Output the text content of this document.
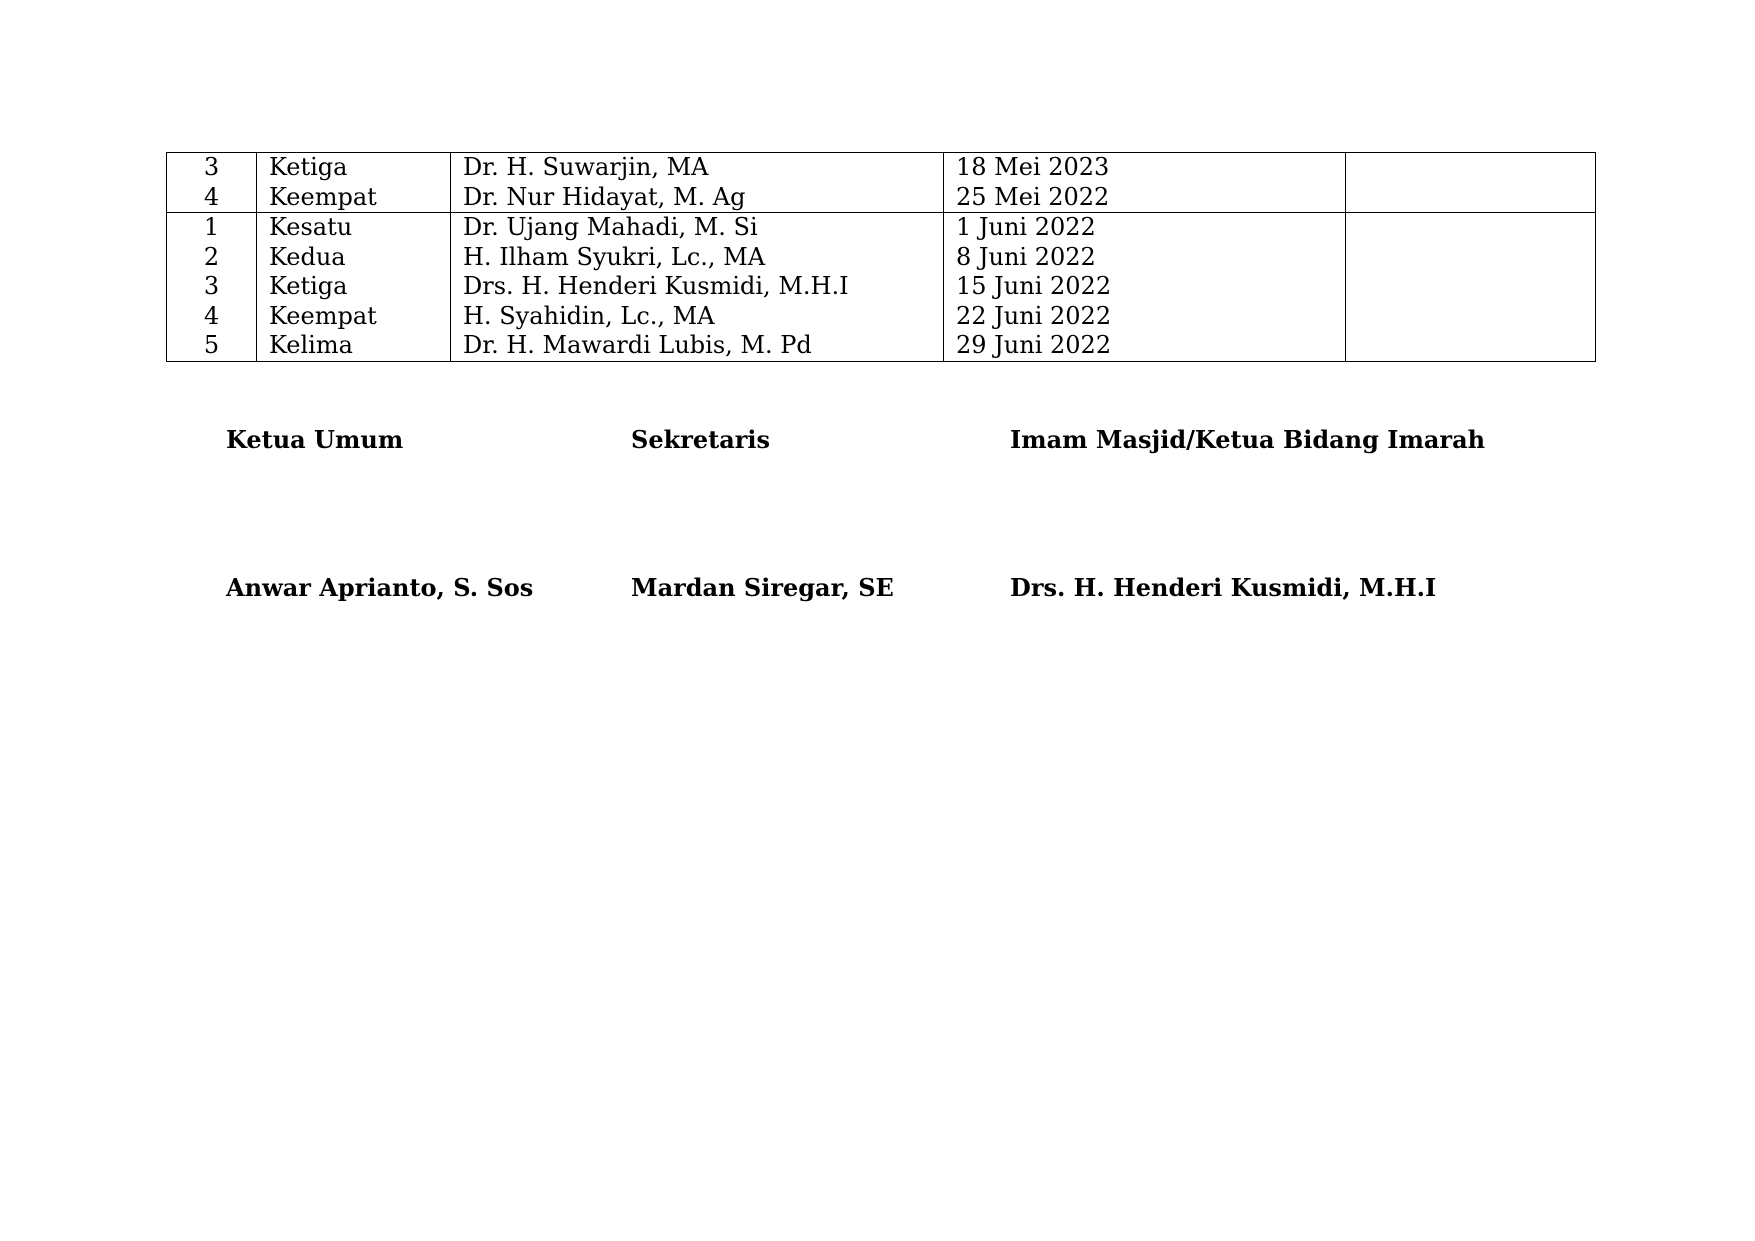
3	Ketiga	Dr. H. Suwarjin, MA	18 Mei 2023	
4	Keempat	Dr. Nur Hidayat, M. Ag	25 Mei 2022	
1	Kesatu	Dr. Ujang Mahadi, M. Si	1 Juni 2022	
2	Kedua	H. Ilham Syukri, Lc., MA	8 Juni 2022	
3	Ketiga	Drs. H. Henderi Kusmidi, M.H.I	15 Juni 2022	
4	Keempat	H. Syahidin, Lc., MA	22 Juni 2022	
5	Kelima	Dr. H. Mawardi Lubis, M. Pd	29 Juni 2022	
Ketua Umum
Anwar Aprianto, S. Sos
Sekretaris
Mardan Siregar, SE
Imam Masjid/Ketua Bidang Imarah
Drs. H. Henderi Kusmidi, M.H.I
